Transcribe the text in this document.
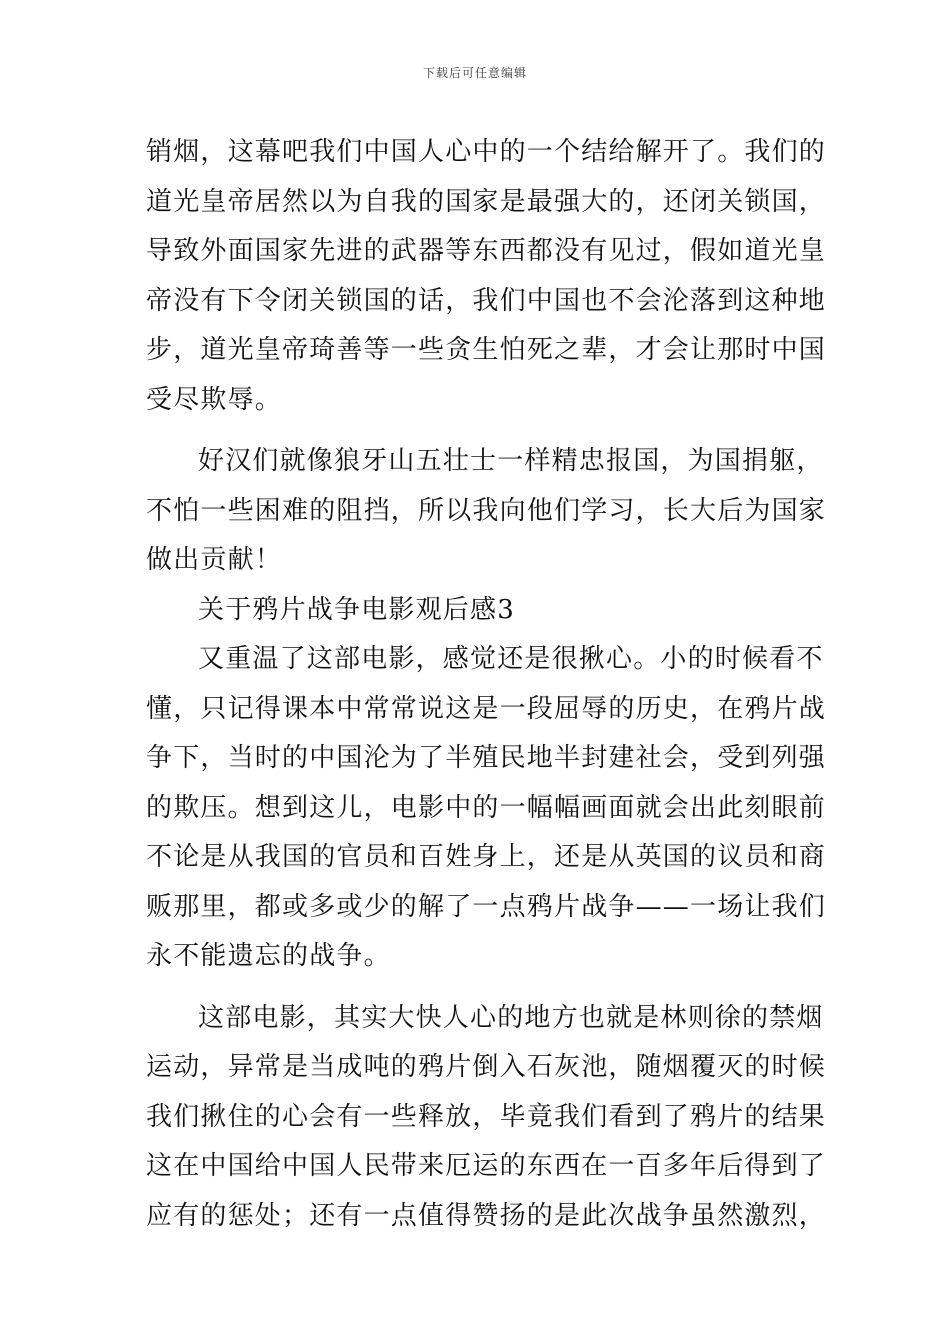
下载后可任意编辑
销烟，这幕吧我们中国人心中的一个结给解开了。我们的
道光皇帝居然以为自我的国家是最强大的，还闭关锁国，
导致外面国家先进的武器等东西都没有见过，假如道光皇
帝没有下令闭关锁国的话，我们中国也不会沦落到这种地
步，道光皇帝琦善等一些贪生怕死之辈，才会让那时中国
受尽欺辱。
好汉们就像狼牙山五壮士一样精忠报国，为国捐躯，
不怕一些困难的阻挡，所以我向他们学习，长大后为国家
做出贡献！
关于鸦片战争电影观后感3
又重温了这部电影，感觉还是很揪心。小的时候看不
懂，只记得课本中常常说这是一段屈辱的历史，在鸦片战
争下，当时的中国沦为了半殖民地半封建社会，受到列强
的欺压。想到这儿，电影中的一幅幅画面就会出此刻眼前
不论是从我国的官员和百姓身上，还是从英国的议员和商
贩那里，都或多或少的解了一点鸦片战争——一场让我们
永不能遗忘的战争。
这部电影，其实大快人心的地方也就是林则徐的禁烟
运动，异常是当成吨的鸦片倒入石灰池，随烟覆灭的时候
我们揪住的心会有一些释放，毕竟我们看到了鸦片的结果
这在中国给中国人民带来厄运的东西在一百多年后得到了
应有的惩处；还有一点值得赞扬的是此次战争虽然激烈，
